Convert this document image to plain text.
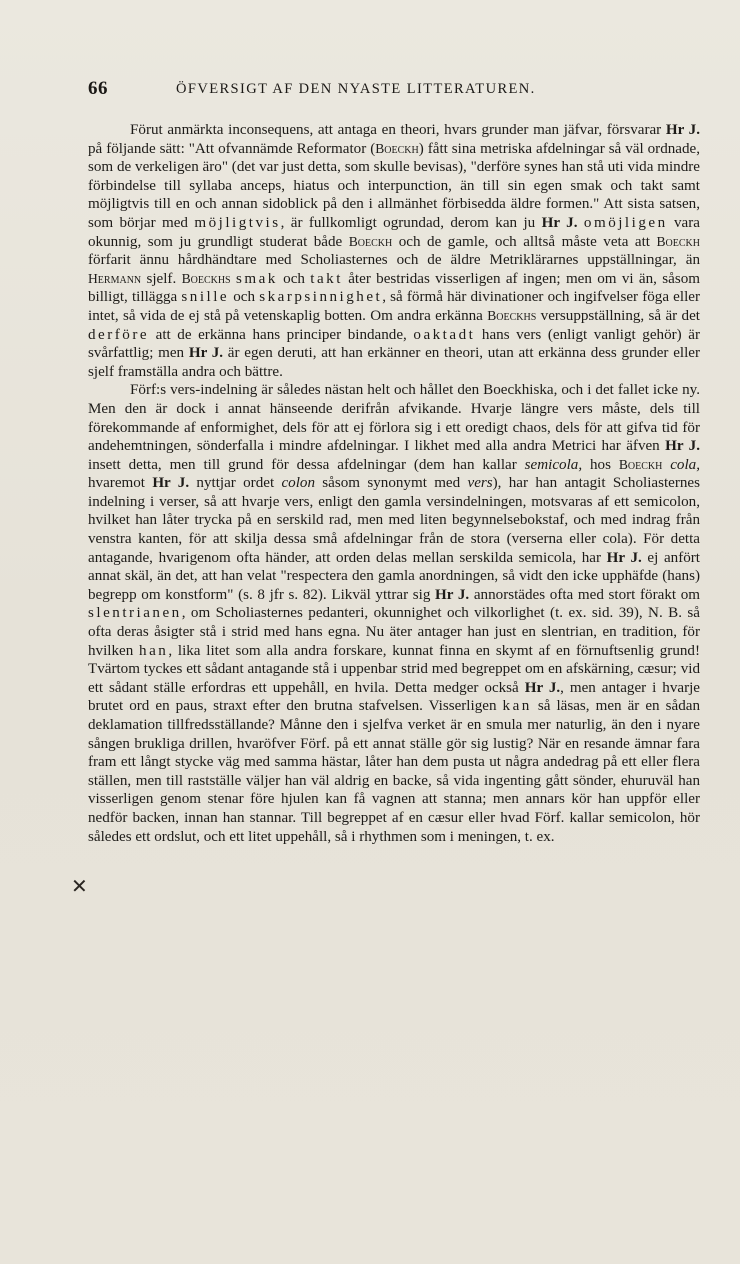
66	ÖFVERSIGT AF DEN NYASTE LITTERATUREN.
✕

Förut anmärkta inconsequens, att antaga en theori, hvars grunder man jäfvar, försvarar Hr J. på följande sätt: "Att ofvannämde Reformator (Boeckh) fått sina metriska afdelningar så väl ordnade, som de verkeligen äro" (det var just detta, som skulle bevisas), "derföre synes han stå uti vida mindre förbindelse till syllaba anceps, hiatus och interpunction, än till sin egen smak och takt samt möjligtvis till en och annan sidoblick på den i allmänhet förbisedda äldre formen." Att sista satsen, som börjar med möjligtvis, är fullkomligt ogrundad, derom kan ju Hr J. omöjligen vara okunnig, som ju grundligt studerat både Boeckh och de gamle, och alltså måste veta att Boeckh förfarit ännu hårdhändtare med Scholiasternes och de äldre Metriklärarnes uppställningar, än Hermann sjelf. Boeckhs smak och takt åter bestridas visserligen af ingen; men om vi än, såsom billigt, tillägga snille och skarpsinnighet, så förmå här divinationer och ingifvelser föga eller intet, så vida de ej stå på vetenskaplig botten. Om andra erkänna Boeckhs versuppställning, så är det derföre att de erkänna hans principer bindande, oaktadt hans vers (enligt vanligt gehör) är svårfattlig; men Hr J. är egen deruti, att han erkänner en theori, utan att erkänna dess grunder eller sjelf framställa andra och bättre.

Förf:s vers-indelning är således nästan helt och hållet den Boeckhiska, och i det fallet icke ny. Men den är dock i annat hänseende derifrån afvikande. Hvarje längre vers måste, dels till förekommande af enformighet, dels för att ej förlora sig i ett oredigt chaos, dels för att gifva tid för andehemtningen, sönderfalla i mindre afdelningar. I likhet med alla andra Metrici har äfven Hr J. insett detta, men till grund för dessa afdelningar (dem han kallar semicola, hos Boeckh cola, hvaremot Hr J. nyttjar ordet colon såsom synonymt med vers), har han antagit Scholiasternes indelning i verser, så att hvarje vers, enligt den gamla versindelningen, motsvaras af ett semicolon, hvilket han låter trycka på en serskild rad, men med liten begynnelsebokstaf, och med indrag från venstra kanten, för att skilja dessa små afdelningar från de stora (verserna eller cola). För detta antagande, hvarigenom ofta händer, att orden delas mellan serskilda semicola, har Hr J. ej anfört annat skäl, än det, att han velat "respectera den gamla anordningen, så vidt den icke upphäfde (hans) begrepp om konstform" (s. 8 jfr s. 82). Likväl yttrar sig Hr J. annorstädes ofta med stort förakt om slentrianen, om Scholiasternes pedanteri, okunnighet och vilkorlighet (t. ex. sid. 39), N. B. så ofta deras åsigter stå i strid med hans egna. Nu äter antager han just en slentrian, en tradition, för hvilken han, lika litet som alla andra forskare, kunnat finna en skymt af en förnuftsenlig grund! Tvärtom tyckes ett sådant antagande stå i uppenbar strid med begreppet om en afskärning, cæsur; vid ett sådant ställe erfordras ett uppehåll, en hvila. Detta medger också Hr J., men antager i hvarje brutet ord en paus, straxt efter den brutna stafvelsen. Visserligen kan så läsas, men är en sådan deklamation tillfredsställande? Månne den i sjelfva verket är en smula mer naturlig, än den i nyare sången brukliga drillen, hvaröfver Förf. på ett annat ställe gör sig lustig? När en resande ämnar fara fram ett långt stycke väg med samma hästar, låter han dem pusta ut några andedrag på ett eller flera ställen, men till rastställe väljer han väl aldrig en backe, så vida ingenting gått sönder, ehuruväl han visserligen genom stenar före hjulen kan få vagnen att stanna; men annars kör han uppför eller nedför backen, innan han stannar. Till begreppet af en cæsur eller hvad Förf. kallar semicolon, hör således ett ordslut, och ett litet uppehåll, så i rhythmen som i meningen, t. ex.
